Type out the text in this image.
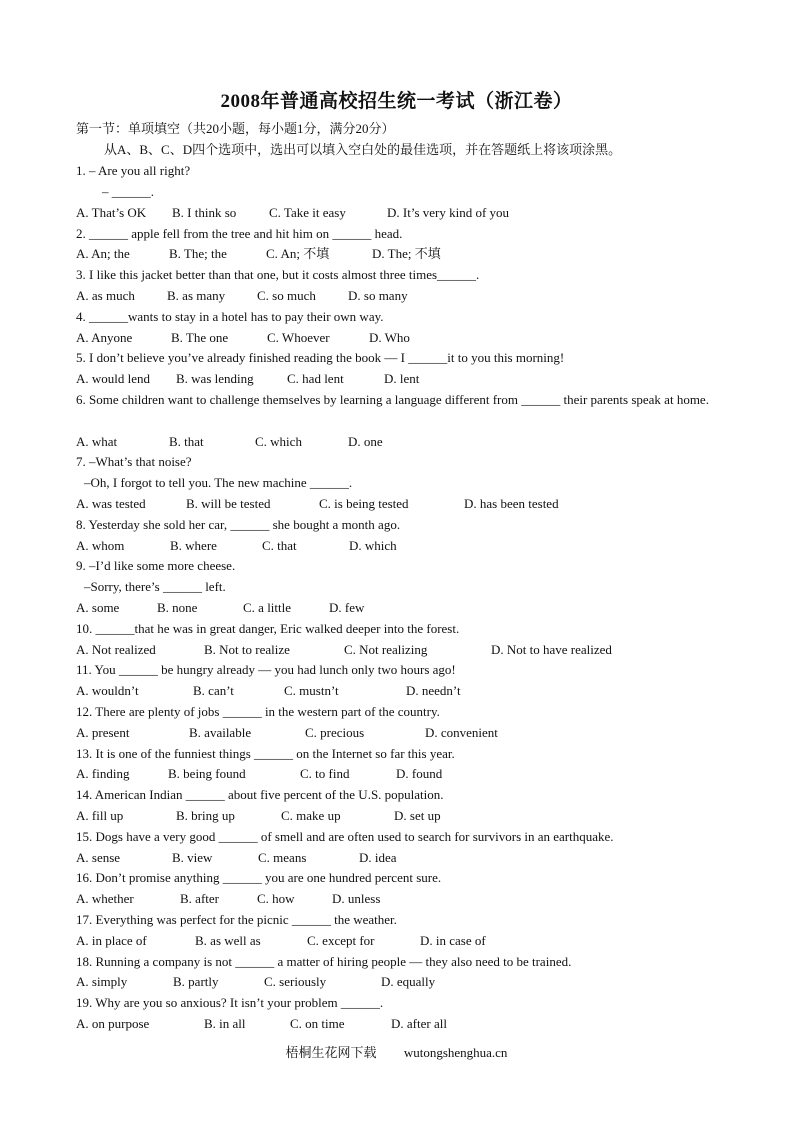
2008年普通高校招生统一考试（浙江卷）
第一节：单项填空（共20小题，每小题1分，满分20分）
从A、B、C、D四个选项中，选出可以填入空白处的最佳选项，并在答题纸上将该项涂黑。
1. – Are you all right?
– ______.
A. That’s OK B. I think so	C. Take it easy	D. It’s very kind of you
2. ______ apple fell from the tree and hit him on ______ head.
A. An; the	B. The; the	C. An; 不填	D. The; 不填
3. I like this jacket better than that one, but it costs almost three times______.
A. as much B. as many C. so much D. so many
4. ______wants to stay in a hotel has to pay their own way.
A. Anyone	B. The one	C. Whoever	D. Who
5. I don’t believe you’ve already finished reading the book — I ______it to you this morning!
A. would lend B. was lending	C. had lent	D. lent
6. Some children want to challenge themselves by learning a language different from ______ their parents speak at home.
A. what	B. that	C. which	D. one
7. –What’s that noise?
–Oh, I forgot to tell you. The new machine ______.
A. was tested	B. will be tested	C. is being tested	D. has been tested
8. Yesterday she sold her car, ______ she bought a month ago.
A. whom	B. where	C. that	D. which
9. –I’d like some more cheese.
–Sorry, there’s ______ left.
A. some	B. none	C. a little	D. few
10. ______that he was in great danger, Eric walked deeper into the forest.
A. Not realized	B. Not to realize	C. Not realizing	D. Not to have realized
11. You ______ be hungry already — you had lunch only two hours ago!
A. wouldn’t	B. can’t	C. mustn’t	D. needn’t
12. There are plenty of jobs ______ in the western part of the country.
A. present	B. available	C. precious	D. convenient
13. It is one of the funniest things ______ on the Internet so far this year.
A. finding	B. being found	C. to find	D. found
14. American Indian ______ about five percent of the U.S. population.
A. fill up	B. bring up	C. make up	D. set up
15. Dogs have a very good ______ of smell and are often used to search for survivors in an earthquake.
A. sense	B. view	C. means	D. idea
16. Don’t promise anything ______ you are one hundred percent sure.
A. whether	B. after	C. how	D. unless
17. Everything was perfect for the picnic ______ the weather.
A. in place of	B. as well as	C. except for	D. in case of
18. Running a company is not ______ a matter of hiring people — they also need to be trained.
A. simply	B. partly	C. seriously	D. equally
19. Why are you so anxious? It isn’t your problem ______.
A. on purpose	B. in all	C. on time	D. after all
梧桐生花网下载 wutongshenghua.cn
